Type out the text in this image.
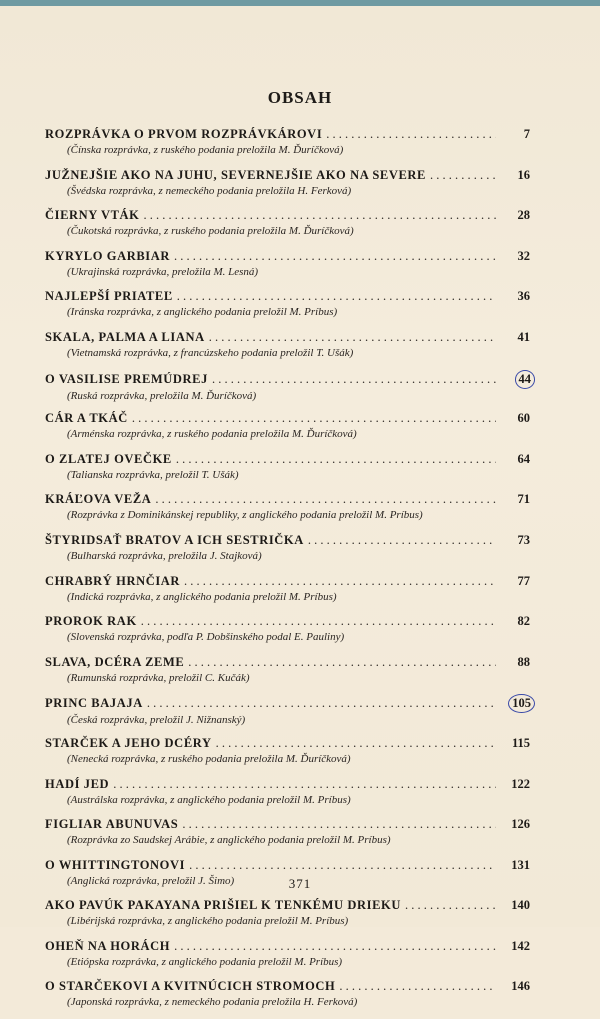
OBSAH
ROZPRÁVKA O PRVOM ROZPRÁVKÁROVI . . .	7
(Čínska rozprávka, z ruského podania preložila M. Ďuríčková)
JUŽNEJŠIE AKO NA JUHU, SEVERNEJŠIE AKO NA SEVERE . . .	16
(Švédska rozprávka, z nemeckého podania preložila H. Ferková)
ČIERNY VTÁK . . .	28
(Čukotská rozprávka, z ruského podania preložila M. Ďuríčková)
KYRYLO GARBIAR . . .	32
(Ukrajinská rozprávka, preložila M. Lesná)
NAJLEPŠÍ PRIATEĽ . . .	36
(Iránska rozprávka, z anglického podania preložil M. Príbus)
SKALA, PALMA A LIANA . . .	41
(Vietnamská rozprávka, z francúzskeho podania preložil T. Ušák)
O VASILISE PREMÚDREJ . . .	44
(Ruská rozprávka, preložila M. Ďuríčková)
CÁR A TKÁČ . . .	60
(Arménska rozprávka, z ruského podania preložila M. Ďuríčková)
O ZLATEJ OVEČKE . . .	64
(Talianska rozprávka, preložil T. Ušák)
KRÁĽOVA VEŽA . . .	71
(Rozprávka z Dominikánskej republiky, z anglického podania preložil M. Príbus)
ŠTYRIDSAŤ BRATOV A ICH SESTRIČKA . . .	73
(Bulharská rozprávka, preložila J. Stajková)
CHRABRÝ HRNČIAR . . .	77
(Indická rozprávka, z anglického podania preložil M. Príbus)
PROROK RAK . . .	82
(Slovenská rozprávka, podľa P. Dobšinského podal E. Pauliny)
SLAVA, DCÉRA ZEME . . .	88
(Rumunská rozprávka, preložil C. Kučák)
PRINC BAJAJA . . .	105
(Česká rozprávka, preložil J. Nižnanský)
STARČEK A JEHO DCÉRY . . .	115
(Nenecká rozprávka, z ruského podania preložila M. Ďuríčková)
HADÍ JED . . .	122
(Austrálska rozprávka, z anglického podania preložil M. Príbus)
FIGLIAR ABUNUVAS . . .	126
(Rozprávka zo Saudskej Arábie, z anglického podania preložil M. Príbus)
O WHITTINGTONOVI . . .	131
(Anglická rozprávka, preložil J. Šimo)
AKO PAVÚK PAKAYANA PRIŠIEL K TENKÉMU DRIEKU . . .	140
(Libérijská rozprávka, z anglického podania preložil M. Príbus)
OHEŇ NA HORÁCH . . .	142
(Etiópska rozprávka, z anglického podania preložil M. Príbus)
O STARČEKOVI A KVITNÚCICH STROMOCH . . .	146
(Japonská rozprávka, z nemeckého podania preložila H. Ferková)
371
